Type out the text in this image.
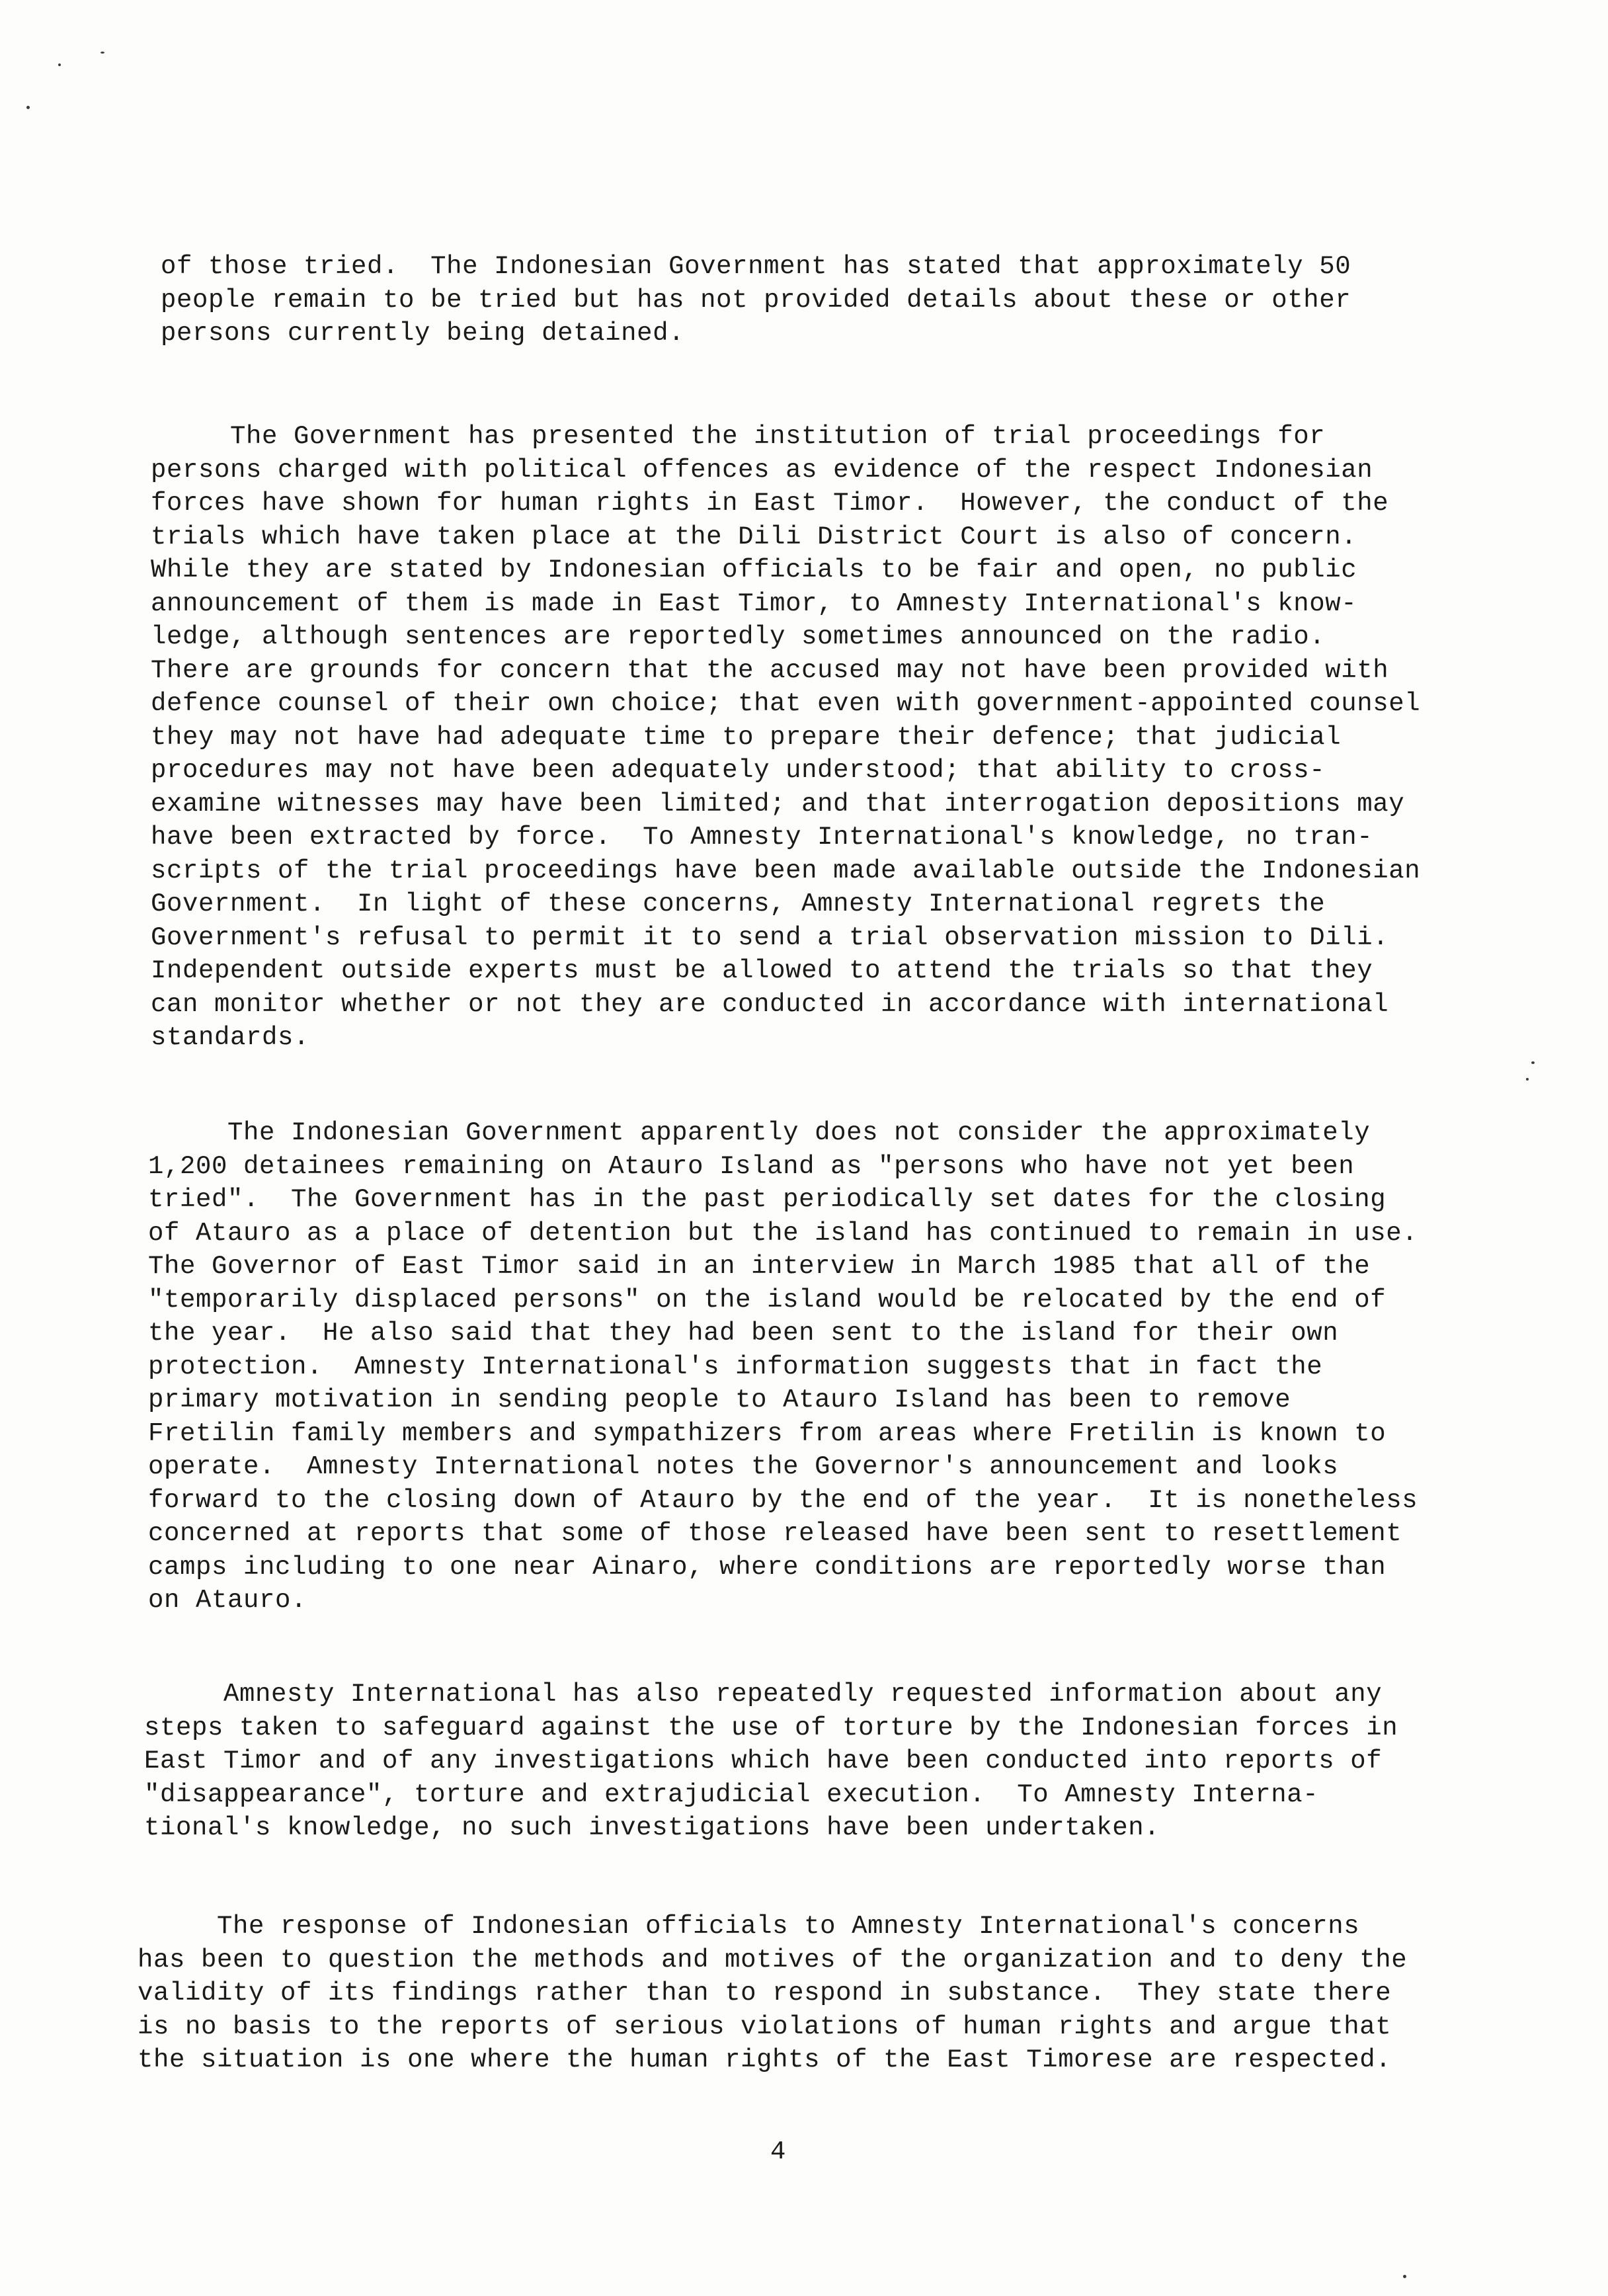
of those tried.  The Indonesian Government has stated that approximately 50
people remain to be tried but has not provided details about these or other
persons currently being detained.

The Government has presented the institution of trial proceedings for
persons charged with political offences as evidence of the respect Indonesian
forces have shown for human rights in East Timor.  However, the conduct of the
trials which have taken place at the Dili District Court is also of concern.
While they are stated by Indonesian officials to be fair and open, no public
announcement of them is made in East Timor, to Amnesty International's know-
ledge, although sentences are reportedly sometimes announced on the radio.
There are grounds for concern that the accused may not have been provided with
defence counsel of their own choice; that even with government-appointed counsel
they may not have had adequate time to prepare their defence; that judicial
procedures may not have been adequately understood; that ability to cross-
examine witnesses may have been limited; and that interrogation depositions may
have been extracted by force.  To Amnesty International's knowledge, no tran-
scripts of the trial proceedings have been made available outside the Indonesian
Government.  In light of these concerns, Amnesty International regrets the
Government's refusal to permit it to send a trial observation mission to Dili.
Independent outside experts must be allowed to attend the trials so that they
can monitor whether or not they are conducted in accordance with international
standards.

The Indonesian Government apparently does not consider the approximately
1,200 detainees remaining on Atauro Island as "persons who have not yet been
tried".  The Government has in the past periodically set dates for the closing
of Atauro as a place of detention but the island has continued to remain in use.
The Governor of East Timor said in an interview in March 1985 that all of the
"temporarily displaced persons" on the island would be relocated by the end of
the year.  He also said that they had been sent to the island for their own
protection.  Amnesty International's information suggests that in fact the
primary motivation in sending people to Atauro Island has been to remove
Fretilin family members and sympathizers from areas where Fretilin is known to
operate.  Amnesty International notes the Governor's announcement and looks
forward to the closing down of Atauro by the end of the year.  It is nonetheless
concerned at reports that some of those released have been sent to resettlement
camps including to one near Ainaro, where conditions are reportedly worse than
on Atauro.

Amnesty International has also repeatedly requested information about any
steps taken to safeguard against the use of torture by the Indonesian forces in
East Timor and of any investigations which have been conducted into reports of
"disappearance", torture and extrajudicial execution.  To Amnesty Interna-
tional's knowledge, no such investigations have been undertaken.

The response of Indonesian officials to Amnesty International's concerns
has been to question the methods and motives of the organization and to deny the
validity of its findings rather than to respond in substance.  They state there
is no basis to the reports of serious violations of human rights and argue that
the situation is one where the human rights of the East Timorese are respected.

4
